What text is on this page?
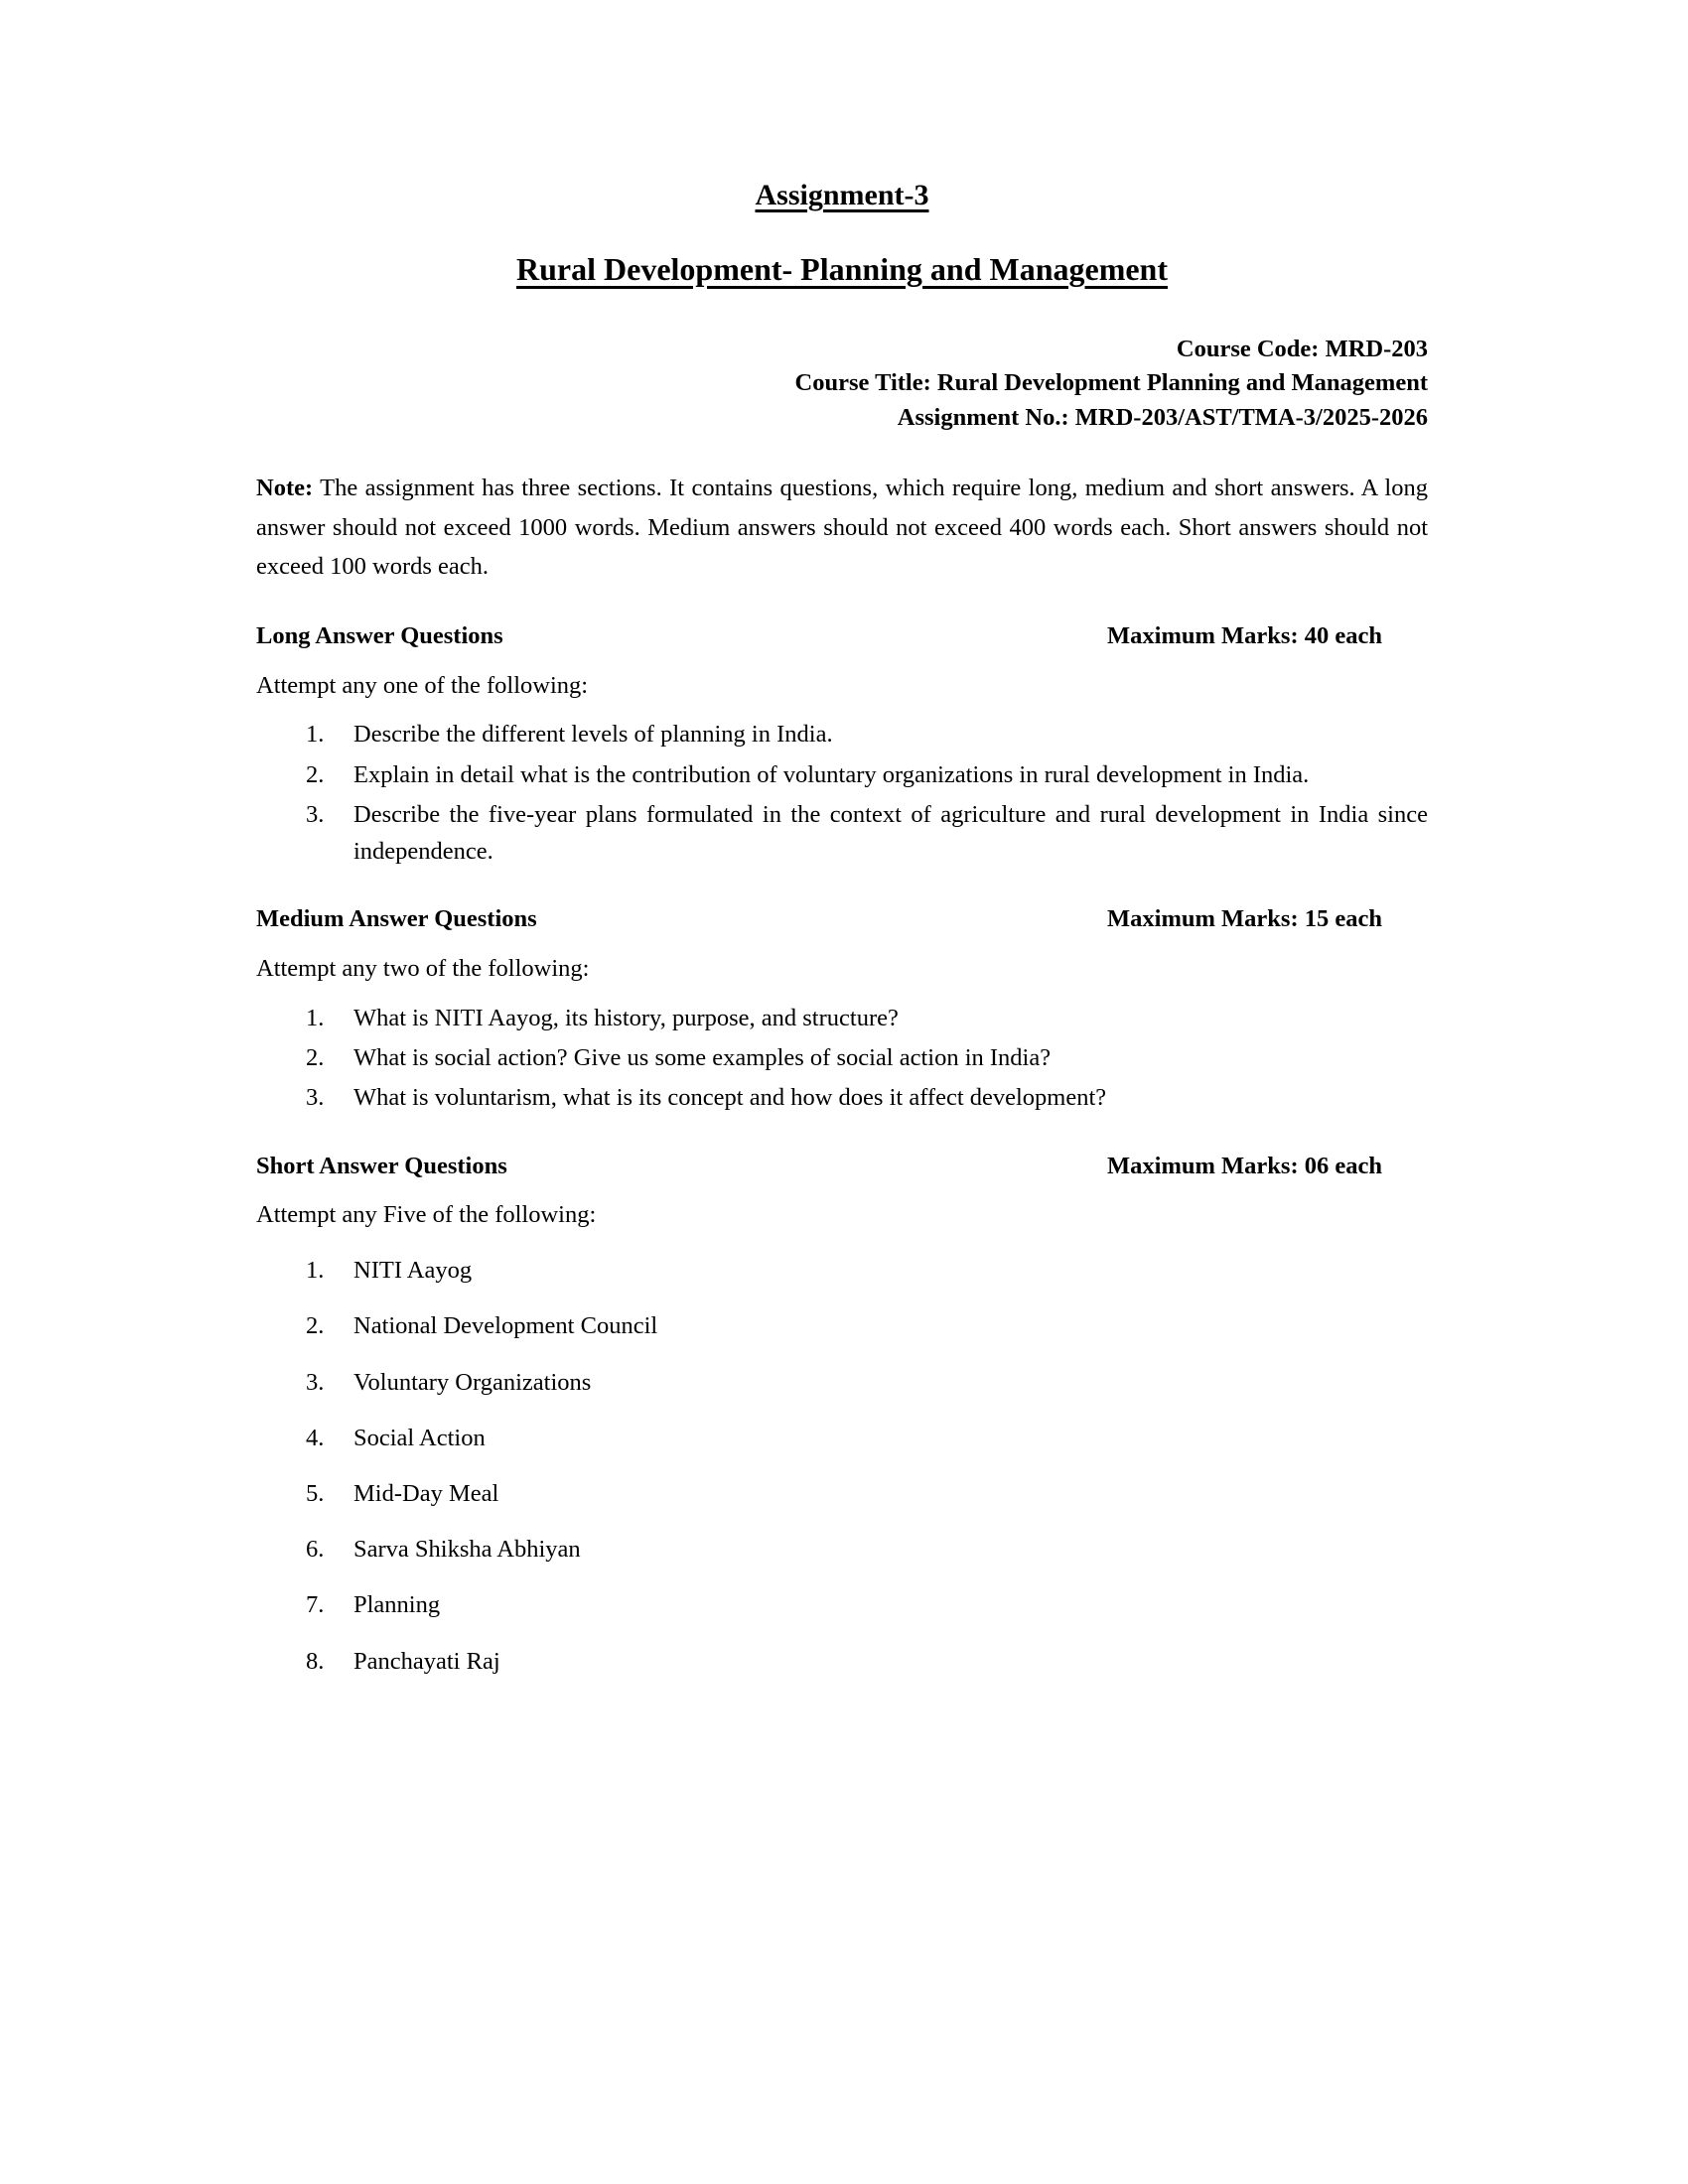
Assignment-3
Rural Development- Planning and Management
Course Code: MRD-203
Course Title: Rural Development Planning and Management
Assignment No.: MRD-203/AST/TMA-3/2025-2026

Note: The assignment has three sections. It contains questions, which require long, medium and short answers. A long answer should not exceed 1000 words. Medium answers should not exceed 400 words each. Short answers should not exceed 100 words each.

Long Answer Questions	Maximum Marks: 40 each
Attempt any one of the following:
Describe the different levels of planning in India.
Explain in detail what is the contribution of voluntary organizations in rural development in India.
Describe the five-year plans formulated in the context of agriculture and rural development in India since independence.
Medium Answer Questions	Maximum Marks: 15 each
Attempt any two of the following:
What is NITI Aayog, its history, purpose, and structure?
What is social action? Give us some examples of social action in India?
What is voluntarism, what is its concept and how does it affect development?
Short Answer Questions	Maximum Marks: 06 each
Attempt any Five of the following:
NITI Aayog
National Development Council
Voluntary Organizations
Social Action
Mid-Day Meal
Sarva Shiksha Abhiyan
Planning
Panchayati Raj
